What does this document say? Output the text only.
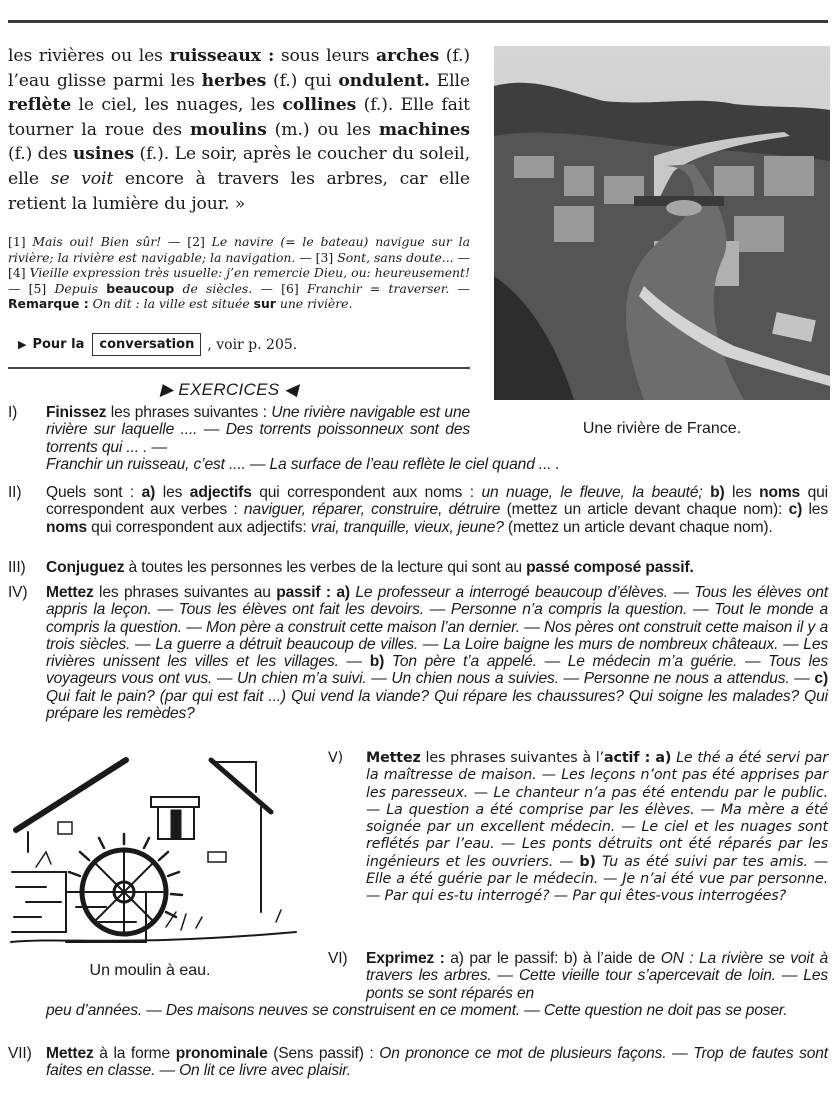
les rivières ou les ruisseaux : sous leurs arches (f.) l’eau glisse parmi les herbes (f.) qui ondulent. Elle reflète le ciel, les nuages, les collines (f.). Elle fait tourner la roue des moulins (m.) ou les machines (f.) des usines (f.). Le soir, après le coucher du soleil, elle se voit encore à travers les arbres, car elle retient la lumière du jour. »
[1] Mais oui! Bien sûr! — [2] Le navire (= le bateau) navigue sur la rivière; la rivière est navigable; la navigation. — [3] Sont, sans doute... — [4] Vieille expression très usuelle: j’en remercie Dieu, ou: heureusement! — [5] Depuis beaucoup de siècles. — [6] Franchir = traverser. — Remarque : On dit : la ville est située sur une rivière.
▶ Pour la	conversation , voir p. 205.
Une rivière de France.
▶ EXERCICES ◀
I) Finissez les phrases suivantes : Une rivière navigable est une rivière sur laquelle .... — Des torrents poissonneux sont des torrents qui ... . —
Franchir un ruisseau, c’est .... — La surface de l’eau reflète le ciel quand ... .
II) Quels sont : a) les adjectifs qui correspondent aux noms : un nuage, le fleuve, la beauté; b) les noms qui correspondent aux verbes : naviguer, réparer, construire, détruire (mettez un article devant chaque nom): c) les noms qui correspondent aux adjectifs: vrai, tranquille, vieux, jeune? (mettez un article devant chaque nom).
III) Conjuguez à toutes les personnes les verbes de la lecture qui sont au passé composé passif.
IV) Mettez les phrases suivantes au passif : a) Le professeur a interrogé beaucoup d’élèves. — Tous les élèves ont appris la leçon. — Tous les élèves ont fait les devoirs. — Personne n’a compris la question. — Tout le monde a compris la question. — Mon père a construit cette maison l’an dernier. — Nos pères ont construit cette maison il y a trois siècles. — La guerre a détruit beaucoup de villes. — La Loire baigne les murs de nombreux châteaux. — Les rivières unissent les villes et les villages. — b) Ton père t’a appelé. — Le médecin m’a guérie. — Tous les voyageurs vous ont vus. — Un chien m’a suivi. — Un chien nous a suivies. — Personne ne nous a attendus. — c) Qui fait le pain? (par qui est fait ...) Qui vend la viande? Qui répare les chaussures? Qui soigne les malades? Qui prépare les remèdes?
Un moulin à eau.
V) Mettez les phrases suivantes à l’actif : a) Le thé a été servi par la maîtresse de maison. — Les leçons n’ont pas été apprises par les paresseux. — Le chanteur n’a pas été entendu par le public. — La question a été comprise par les élèves. — Ma mère a été soignée par un excellent médecin. — Le ciel et les nuages sont reflétés par l’eau. — Les ponts détruits ont été réparés par les ingénieurs et les ouvriers. — b) Tu as été suivi par tes amis. — Elle a été guérie par le médecin. — Je n’ai été vue par personne. — Par qui es-tu interrogé? — Par qui êtes-vous interrogées?
VI) Exprimez : a) par le passif: b) à l’aide de ON : La rivière se voit à travers les arbres. — Cette vieille tour s’apercevait de loin. — Les ponts se sont réparés en
peu d’années. — Des maisons neuves se construisent en ce moment. — Cette question ne doit pas se poser.
VII) Mettez à la forme pronominale (Sens passif) : On prononce ce mot de plusieurs façons. — Trop de fautes sont faites en classe. — On lit ce livre avec plaisir.
